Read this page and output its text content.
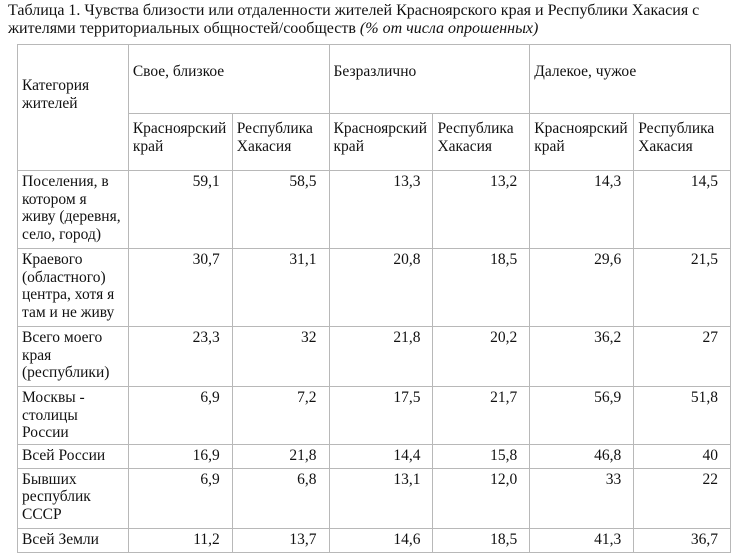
Таблица 1. Чувства близости или отдаленности жителей Красноярского края и Республики Хакасия с жителями территориальных общностей/сообществ (% от числа опрошенных)
Категория жителей	Свое, близкое		Безразлично		Далекое, чужое	
	Красноярский край	Республика Хакасия	Красноярский край	Республика Хакасия	Красноярский край	Республика Хакасия
Поселения, в котором я живу (деревня, село, город)	59,1	58,5	13,3	13,2	14,3	14,5
Краевого (областного) центра, хотя я там и не живу	30,7	31,1	20,8	18,5	29,6	21,5
Всего моего края (республики)	23,3	32	21,8	20,2	36,2	27
Москвы - столицы России	6,9	7,2	17,5	21,7	56,9	51,8
Всей России	16,9	21,8	14,4	15,8	46,8	40
Бывших республик СССР	6,9	6,8	13,1	12,0	33	22
Всей Земли	11,2	13,7	14,6	18,5	41,3	36,7
